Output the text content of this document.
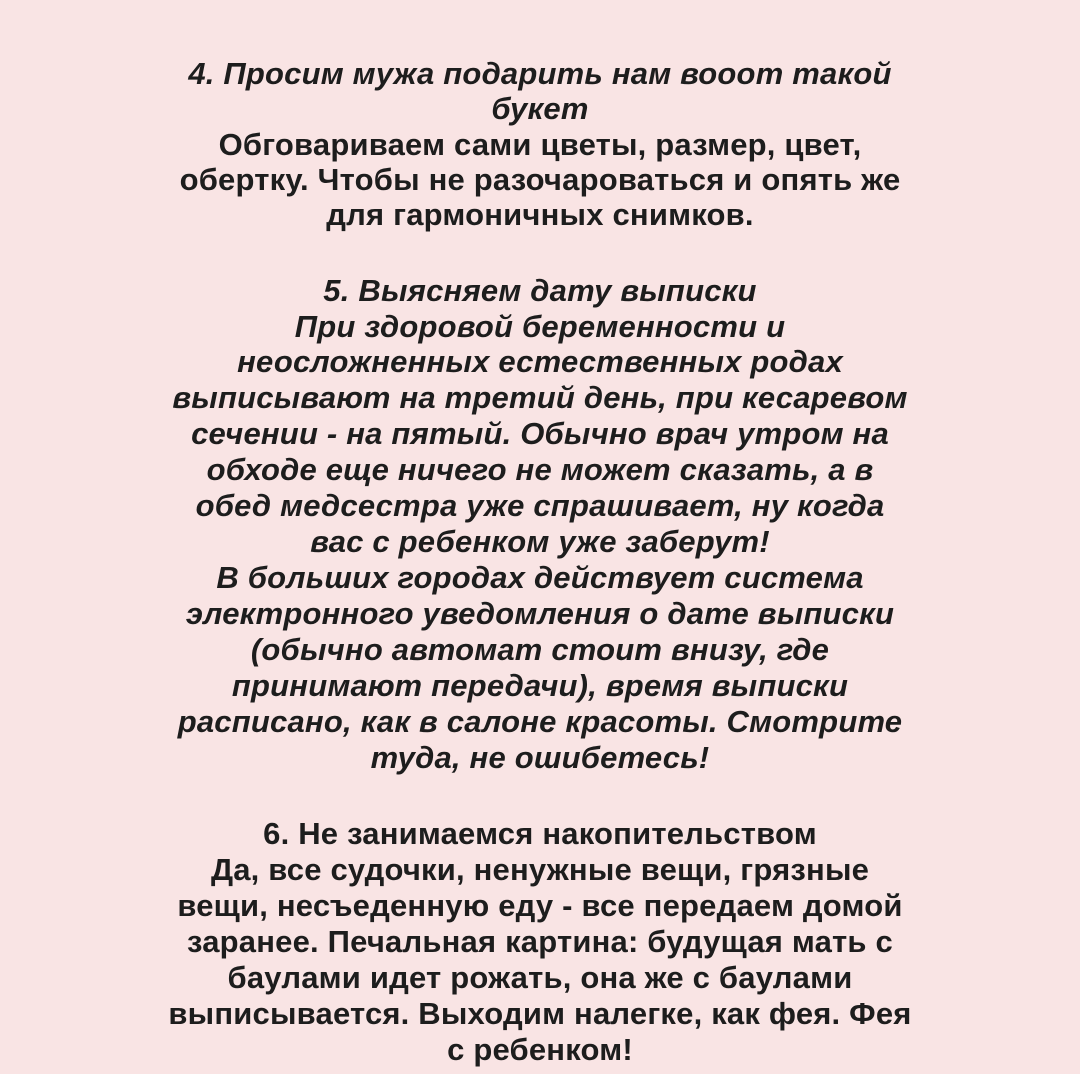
4. Просим мужа подарить нам вооот такой
букет
Обговариваем сами цветы, размер, цвет,
обертку. Чтобы не разочароваться и опять же
для гармоничных снимков.
5. Выясняем дату выписки
При здоровой беременности и
неосложненных естественных родах
выписывают на третий день, при кесаревом
сечении - на пятый. Обычно врач утром на
обходе еще ничего не может сказать, а в
обед медсестра уже спрашивает, ну когда
вас с ребенком уже заберут!
В больших городах действует система
электронного уведомления о дате выписки
(обычно автомат стоит внизу, где
принимают передачи), время выписки
расписано, как в салоне красоты. Смотрите
туда, не ошибетесь!
6. Не занимаемся накопительством
Да, все судочки, ненужные вещи, грязные
вещи, несъеденную еду - все передаем домой
заранее. Печальная картина: будущая мать с
баулами идет рожать, она же с баулами
выписывается. Выходим налегке, как фея. Фея
с ребенком!
